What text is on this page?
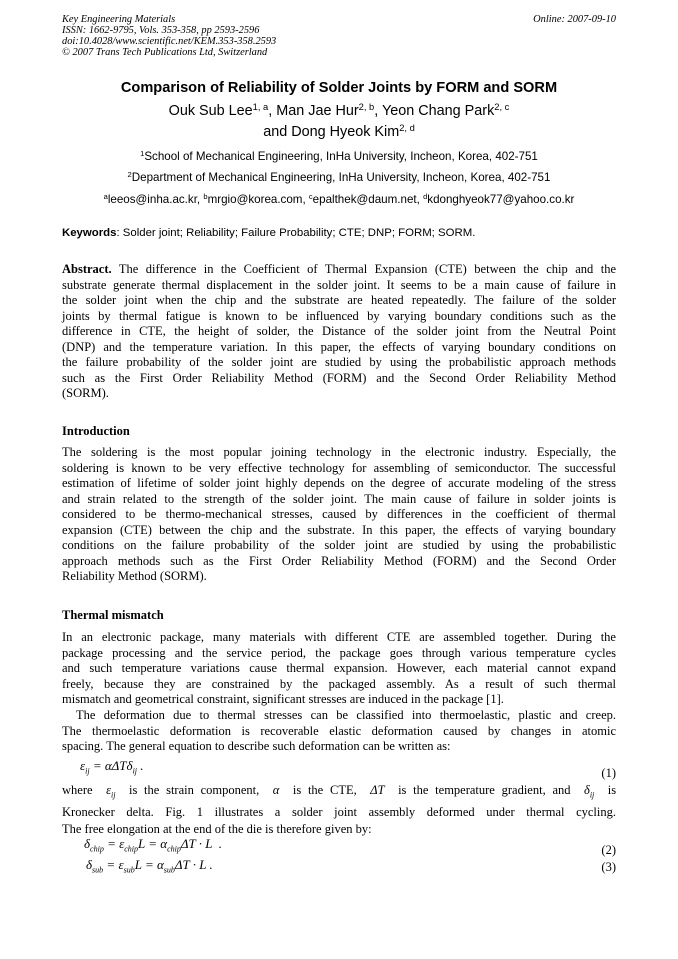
Key Engineering Materials
ISSN: 1662-9795, Vols. 353-358, pp 2593-2596
doi:10.4028/www.scientific.net/KEM.353-358.2593
© 2007 Trans Tech Publications Ltd, Switzerland
Online: 2007-09-10
Comparison of Reliability of Solder Joints by FORM and SORM
Ouk Sub Lee$^{1, a}$, Man Jae Hur$^{2, b}$, Yeon Chang Park$^{2, c}$
and Dong Hyeok Kim$^{2, d}$
$^1$School of Mechanical Engineering, InHa University, Incheon, Korea, 402-751
$^2$Department of Mechanical Engineering, InHa University, Incheon, Korea, 402-751
$^a$leeos@inha.ac.kr, $^b$mrgio@korea.com, $^c$epalthek@daum.net, $^d$kdonghyeok77@yahoo.co.kr
Keywords: Solder joint; Reliability; Failure Probability; CTE; DNP; FORM; SORM.
Abstract. The difference in the Coefficient of Thermal Expansion (CTE) between the chip and the
substrate generate thermal displacement in the solder joint. It seems to be a main cause of failure in
the solder joint when the chip and the substrate are heated repeatedly. The failure of the solder
joints by thermal fatigue is known to be influenced by varying boundary conditions such as the
difference in CTE, the height of solder, the Distance of the solder joint from the Neutral Point
(DNP) and the temperature variation. In this paper, the effects of varying boundary conditions on
the failure probability of the solder joint are studied by using the probabilistic approach methods
such as the First Order Reliability Method (FORM) and the Second Order Reliability Method
(SORM).
Introduction
The soldering is the most popular joining technology in the electronic industry. Especially, the
soldering is known to be very effective technology for assembling of semiconductor. The successful
estimation of lifetime of solder joint highly depends on the degree of accurate modeling of the stress
and strain related to the strength of the solder joint. The main cause of failure in solder joints is
considered to be thermo-mechanical stresses, caused by differences in the coefficient of thermal
expansion (CTE) between the chip and the substrate. In this paper, the effects of varying boundary
conditions on the failure probability of the solder joint are studied by using the probabilistic
approach methods such as the First Order Reliability Method (FORM) and the Second Order
Reliability Method (SORM).
Thermal mismatch
In an electronic package, many materials with different CTE are assembled together. During the
package processing and the service period, the package goes through various temperature cycles
and such temperature variations cause thermal expansion. However, each material cannot expand
freely, because they are constrained by the packaged assembly. As a result of such thermal
mismatch and geometrical constraint, significant stresses are induced in the package [1].
The deformation due to thermal stresses can be classified into thermoelastic, plastic and creep.
The thermoelastic deformation is recoverable elastic deformation caused by changes in atomic
spacing. The general equation to describe such deformation can be written as:
$\varepsilon_{ij} = \alpha\Delta T\delta_{ij}$ .	(1)
where  $\varepsilon_{ij}$  is the strain component,  α  is the CTE,  ΔT  is the temperature gradient, and  $\delta_{ij}$  is
Kronecker delta. Fig. 1 illustrates a solder joint assembly deformed under thermal cycling.
The free elongation at the end of the die is therefore given by:
$\delta_{chip} = \varepsilon_{chip}L = \alpha_{chip}\Delta T \cdot L$  .	(2)
$\delta_{sub} = \varepsilon_{sub}L = \alpha_{sub}\Delta T \cdot L$ .	(3)
